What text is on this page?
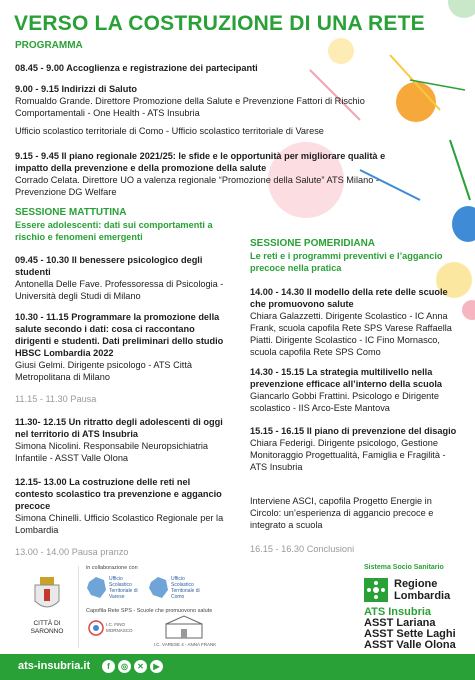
VERSO LA COSTRUZIONE DI UNA RETE
PROGRAMMA
08.45 - 9.00 Accoglienza e registrazione dei partecipanti
9.00 - 9.15 Indirizzi di Saluto
Romualdo Grande. Direttore Promozione della Salute e Prevenzione Fattori di Rischio Comportamentali - One Health - ATS Insubria
Ufficio scolastico territoriale di Como - Ufficio scolastico territoriale di Varese
9.15 - 9.45 Il piano regionale 2021/25: le sfide e le opportunità per migliorare qualità e impatto della prevenzione e della promozione della salute
Corrado Celata. Direttore UO a valenza regionale “Promozione della Salute” ATS Milano - Prevenzione DG Welfare
SESSIONE MATTUTINA
Essere adolescenti: dati sui comportamenti a rischio e fenomeni emergenti
09.45 - 10.30 Il benessere psicologico degli studenti
Antonella Delle Fave. Professoressa di Psicologia - Università degli Studi di Milano
10.30 - 11.15 Programmare la promozione della salute secondo i dati: cosa ci raccontano dirigenti e studenti. Dati preliminari dello studio HBSC Lombardia 2022
Giusi Gelmi. Dirigente psicologo - ATS Città Metropolitana di Milano
11.15 - 11.30 Pausa
11.30- 12.15 Un ritratto degli adolescenti di oggi nel territorio di ATS Insubria
Simona Nicolini. Responsabile Neuropsichiatria Infantile - ASST Valle Olona
12.15- 13.00 La costruzione delle reti nel contesto scolastico tra prevenzione e aggancio precoce
Simona Chinelli. Ufficio Scolastico Regionale per la Lombardia
13.00 - 14.00 Pausa pranzo
SESSIONE POMERIDIANA
Le reti e i programmi preventivi e l’aggancio precoce nella pratica
14.00 - 14.30 Il modello della rete delle scuole che promuovono salute
Chiara Galazzetti. Dirigente Scolastico - IC Anna Frank, scuola capofila Rete SPS Varese Raffaella Piatti. Dirigente Scolastico - IC Fino Mornasco, scuola capofila Rete SPS Como
14.30 - 15.15 La strategia multilivello nella prevenzione efficace all’interno della scuola
Giancarlo Gobbi Frattini. Psicologo e Dirigente scolastico - IIS Arco-Este Mantova
15.15 - 16.15 Il piano di prevenzione del disagio
Chiara Federigi. Dirigente psicologo, Gestione Monitoraggio Progettualità, Famiglia e Fragilità - ATS Insubria
Interviene ASCI, capofila Progetto Energie in Circolo: un’esperienza di aggancio precoce e integrato a scuola
16.15 - 16.30 Conclusioni
CITTÀ DI SARONNO
in collaborazione con
Ufficio Scolastico Territoriale di Varese
Ufficio Scolastico Territoriale di Como
Capofila Rete SPS - Scuole che promuovono salute
I.C. FINO MORNASCO
I.C. VARESE 4 - ANNA FRANK
Sistema Socio Sanitario
Regione
Lombardia
ATS Insubria
ASST Lariana
ASST Sette Laghi
ASST Valle Olona
ats-insubria.it	f	◎	✕	▶
